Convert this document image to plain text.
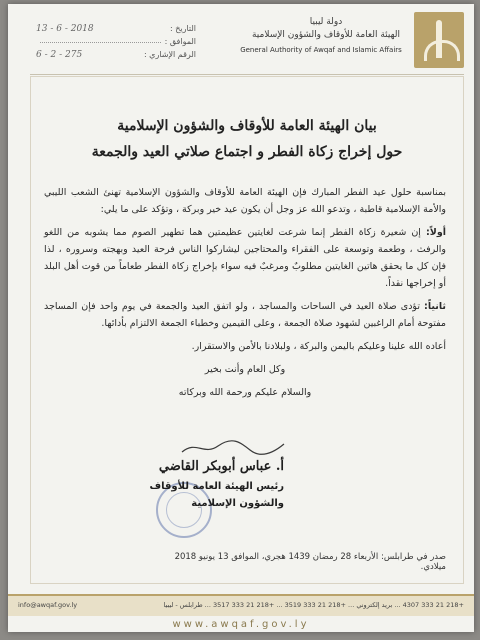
دولة ليبيا
الهيئة العامة للأوقاف والشؤون الإسلامية
General Authority of Awqaf and Islamic Affairs
التاريخ :
2018 - 6 - 13
الموافق :
الرقم الإشاري :
275 - 2 - 6
بيان الهيئة العامة للأوقاف والشؤون الإسلامية
حول إخراج زكاة الفطر و اجتماع صلاتي العيد والجمعة

بمناسبة حلول عيد الفطر المبارك فإن الهيئة العامة للأوقاف والشؤون الإسلامية تهنئ الشعب الليبي والأمة الإسلامية قاطبة ، وتدعو الله عز وجل أن يكون عيد خير وبركة ، وتؤكد على ما يلي:

أولاً: إن شعيرة زكاة الفطر إنما شرعت لغايتين عظيمتين هما تطهير الصوم مما يشوبه من اللغو والرفث ، وطعمة وتوسعة على الفقراء والمحتاجين ليشاركوا الناس فرحة العيد وبهجته وسروره ، لذا فإن كل ما يحقق هاتين الغايتين مطلوبٌ ومرغبٌ فيه سواء بإخراج زكاة الفطر طعاماً من قوت أهل البلد أو إخراجها نقداً.

ثانياً: تؤدى صلاة العيد في الساحات والمساجد ، ولو اتفق العيد والجمعة في يوم واحد فإن المساجد مفتوحة أمام الراغبين لشهود صلاة الجمعة ، وعلى القيمين وخطباء الجمعة الالتزام بأدائها.

أعاده الله علينا وعليكم باليمن والبركة ، ولبلادنا بالأمن والاستقرار.

وكل العام وأنت بخير

والسلام عليكم ورحمة الله وبركاته

أ. عباس أبوبكر القاضي
رئيس الهيئة العامة للأوقاف
والشؤون الإسلامية
صدر في طرابلس: الأربعاء 28 رمضان 1439 هجري، الموافق 13 يونيو 2018 ميلادي.
info@awqaf.gov.ly	+218 21 333 4307 ... بريد إلكتروني ... +218 21 333 3519 ... +218 21 333 3517 ... طرابلس - ليبيا
www.awqaf.gov.ly
